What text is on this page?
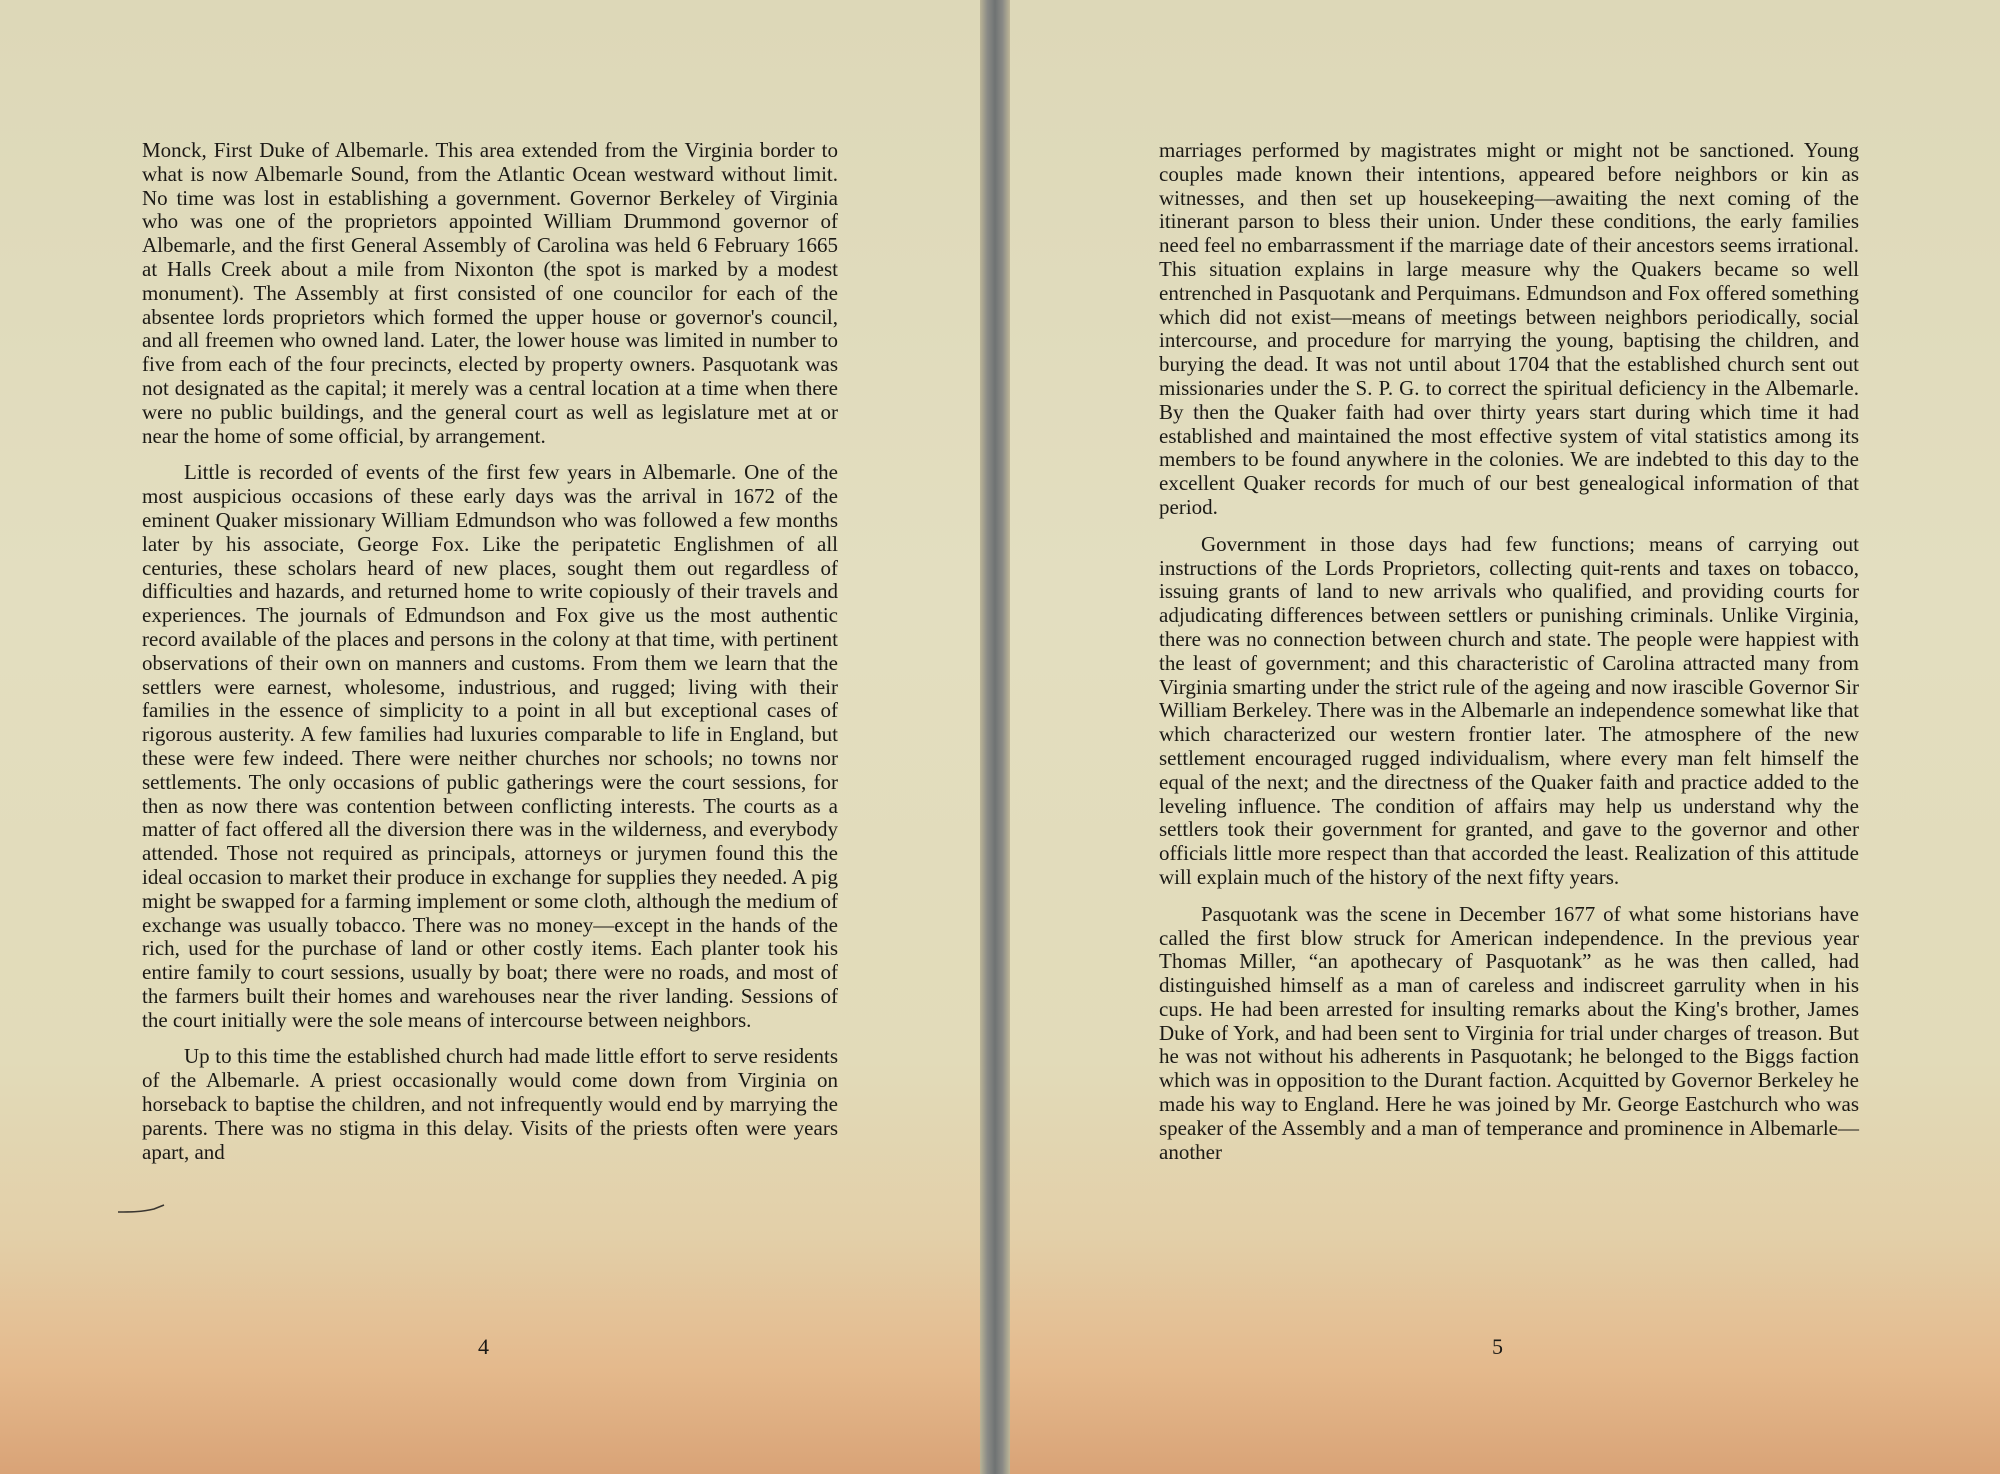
Monck, First Duke of Albemarle. This area extended from the Virginia border to what is now Albemarle Sound, from the Atlantic Ocean westward without limit. No time was lost in establishing a government. Governor Berkeley of Virginia who was one of the proprietors appointed William Drummond governor of Albemarle, and the first General Assembly of Carolina was held 6 February 1665 at Halls Creek about a mile from Nixonton (the spot is marked by a modest monument). The Assembly at first consisted of one councilor for each of the absentee lords proprietors which formed the upper house or governor's council, and all freemen who owned land. Later, the lower house was limited in number to five from each of the four precincts, elected by property owners. Pasquotank was not designated as the capital; it merely was a central location at a time when there were no public buildings, and the general court as well as legislature met at or near the home of some official, by arrangement.

Little is recorded of events of the first few years in Albemarle. One of the most auspicious occasions of these early days was the arrival in 1672 of the eminent Quaker missionary William Edmundson who was followed a few months later by his associate, George Fox. Like the peripatetic Englishmen of all centuries, these scholars heard of new places, sought them out regardless of difficulties and hazards, and returned home to write copiously of their travels and experiences. The journals of Edmundson and Fox give us the most authentic record available of the places and persons in the colony at that time, with pertinent observations of their own on manners and customs. From them we learn that the settlers were earnest, wholesome, industrious, and rugged; living with their families in the essence of simplicity to a point in all but exceptional cases of rigorous austerity. A few families had luxuries comparable to life in England, but these were few indeed. There were neither churches nor schools; no towns nor settlements. The only occasions of public gatherings were the court sessions, for then as now there was contention between conflicting interests. The courts as a matter of fact offered all the diversion there was in the wilderness, and everybody attended. Those not required as principals, attorneys or jurymen found this the ideal occasion to market their produce in exchange for supplies they needed. A pig might be swapped for a farming implement or some cloth, although the medium of exchange was usually tobacco. There was no money—except in the hands of the rich, used for the purchase of land or other costly items. Each planter took his entire family to court sessions, usually by boat; there were no roads, and most of the farmers built their homes and warehouses near the river landing. Sessions of the court initially were the sole means of intercourse between neighbors.

Up to this time the established church had made little effort to serve residents of the Albemarle. A priest occasionally would come down from Virginia on horseback to baptise the children, and not infrequently would end by marrying the parents. There was no stigma in this delay. Visits of the priests often were years apart, and

4

marriages performed by magistrates might or might not be sanctioned. Young couples made known their intentions, appeared before neighbors or kin as witnesses, and then set up housekeeping—awaiting the next coming of the itinerant parson to bless their union. Under these conditions, the early families need feel no embarrassment if the marriage date of their ancestors seems irrational. This situation explains in large measure why the Quakers became so well entrenched in Pasquotank and Perquimans. Edmundson and Fox offered something which did not exist—means of meetings between neighbors periodically, social intercourse, and procedure for marrying the young, baptising the children, and burying the dead. It was not until about 1704 that the established church sent out missionaries under the S. P. G. to correct the spiritual deficiency in the Albemarle. By then the Quaker faith had over thirty years start during which time it had established and maintained the most effective system of vital statistics among its members to be found anywhere in the colonies. We are indebted to this day to the excellent Quaker records for much of our best genealogical information of that period.

Government in those days had few functions; means of carrying out instructions of the Lords Proprietors, collecting quit-rents and taxes on tobacco, issuing grants of land to new arrivals who qualified, and providing courts for adjudicating differences between settlers or punishing criminals. Unlike Virginia, there was no connection between church and state. The people were happiest with the least of government; and this characteristic of Carolina attracted many from Virginia smarting under the strict rule of the ageing and now irascible Governor Sir William Berkeley. There was in the Albemarle an independence somewhat like that which characterized our western frontier later. The atmosphere of the new settlement encouraged rugged individualism, where every man felt himself the equal of the next; and the directness of the Quaker faith and practice added to the leveling influence. The condition of affairs may help us understand why the settlers took their government for granted, and gave to the governor and other officials little more respect than that accorded the least. Realization of this attitude will explain much of the history of the next fifty years.

Pasquotank was the scene in December 1677 of what some historians have called the first blow struck for American independence. In the previous year Thomas Miller, “an apothecary of Pasquotank” as he was then called, had distinguished himself as a man of careless and indiscreet garrulity when in his cups. He had been arrested for insulting remarks about the King's brother, James Duke of York, and had been sent to Virginia for trial under charges of treason. But he was not without his adherents in Pasquotank; he belonged to the Biggs faction which was in opposition to the Durant faction. Acquitted by Governor Berkeley he made his way to England. Here he was joined by Mr. George Eastchurch who was speaker of the Assembly and a man of temperance and prominence in Albemarle—another

5
